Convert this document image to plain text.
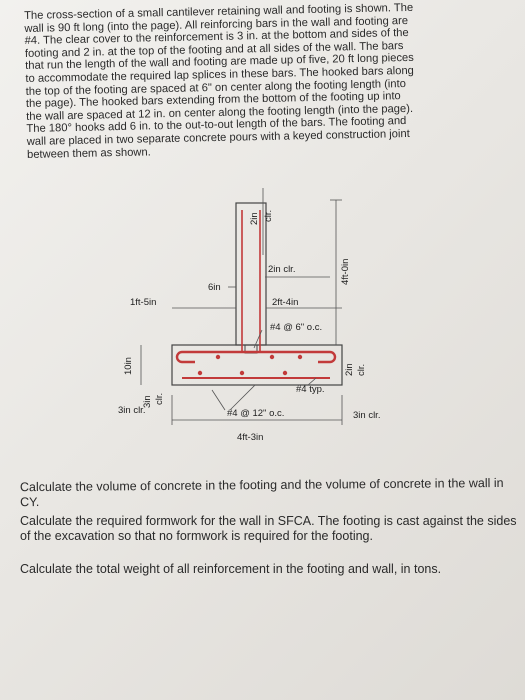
The cross-section of a small cantilever retaining wall and footing is shown. The
wall is 90 ft long (into the page). All reinforcing bars in the wall and footing are
#4. The clear cover to the reinforcement is 3 in. at the bottom and sides of the
footing and 2 in. at the top of the footing and at all sides of the wall. The bars
that run the length of the wall and footing are made up of five, 20 ft long pieces
to accommodate the required lap splices in these bars. The hooked bars along
the top of the footing are spaced at 6" on center along the footing length (into
the page). The hooked bars extending from the bottom of the footing up into
the wall are spaced at 12 in. on center along the footing length (into the page).
The 180° hooks add 6 in. to the out-to-out length of the bars. The footing and
wall are placed in two separate concrete pours with a keyed construction joint
between them as shown.
2in clr.
2in clr.	4ft-0in
6in
1ft-5in	2ft-4in
#4 @ 6" o.c.
10in
3in clr.
2in clr.
#4 typ.
3in clr.	#4 @ 12" o.c.	3in clr.
4ft-3in

Calculate the volume of concrete in the footing and the volume of concrete in the wall in CY.

Calculate the required formwork for the wall in SFCA. The footing is cast against the sides of the excavation so that no formwork is required for the footing.

Calculate the total weight of all reinforcement in the footing and wall, in tons.
